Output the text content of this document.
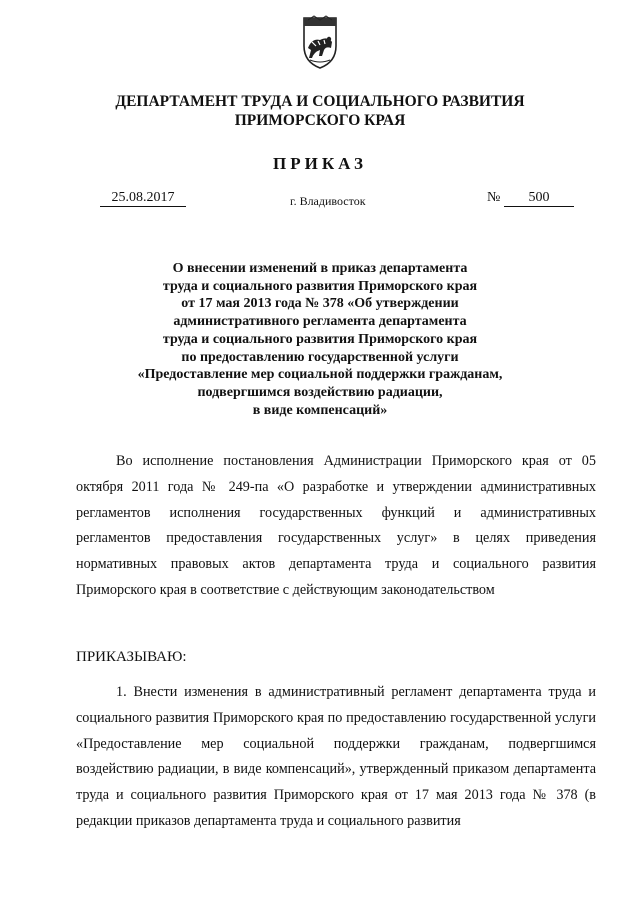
ДЕПАРТАМЕНТ ТРУДА И СОЦИАЛЬНОГО РАЗВИТИЯ
ПРИМОРСКОГО КРАЯ
ПРИКАЗ
25.08.2017	г. Владивосток	№	500
О внесении изменений в приказ департамента
труда и социального развития Приморского края
от 17 мая 2013 года № 378 «Об утверждении
административного регламента департамента
труда и социального развития Приморского края
по предоставлению государственной услуги
«Предоставление мер социальной поддержки гражданам,
подвергшимся воздействию радиации,
в виде компенсаций»
Во исполнение постановления Администрации Приморского края от 05 октября 2011 года № 249-па «О разработке и утверждении административных регламентов исполнения государственных функций и административных регламентов предоставления государственных услуг» в целях приведения нормативных правовых актов департамента труда и социального развития Приморского края в соответствие с действующим законодательством
ПРИКАЗЫВАЮ:
1. Внести изменения в административный регламент департамента труда и социального развития Приморского края по предоставлению государственной услуги «Предоставление мер социальной поддержки гражданам, подвергшимся воздействию радиации, в виде компенсаций», утвержденный приказом департамента труда и социального развития Приморского края от 17 мая 2013 года № 378 (в редакции приказов департамента труда и социального развития
